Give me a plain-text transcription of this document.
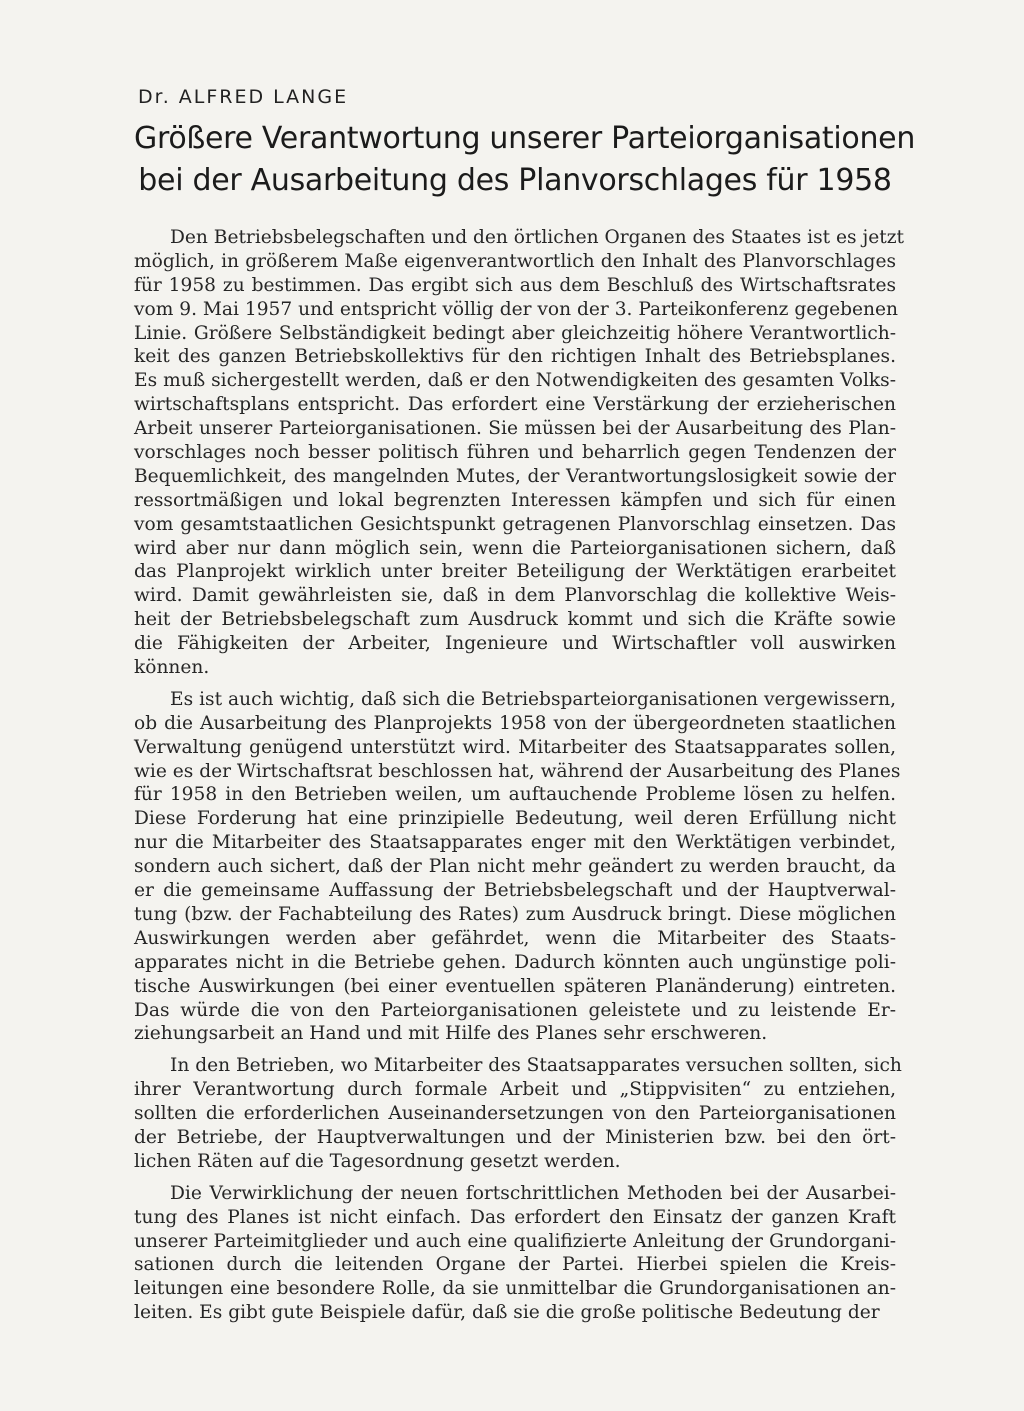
Dr. ALFRED LANGE
Größere Verantwortung unserer Parteiorganisationen
bei der Ausarbeitung des Planvorschlages für 1958
Den Betriebsbelegschaften und den örtlichen Organen des Staates ist es jetzt
möglich, in größerem Maße eigenverantwortlich den Inhalt des Planvorschlages
für 1958 zu bestimmen. Das ergibt sich aus dem Beschluß des Wirtschaftsrates
vom 9. Mai 1957 und entspricht völlig der von der 3. Parteikonferenz gegebenen
Linie. Größere Selbständigkeit bedingt aber gleichzeitig höhere Verantwortlich-
keit des ganzen Betriebskollektivs für den richtigen Inhalt des Betriebsplanes.
Es muß sichergestellt werden, daß er den Notwendigkeiten des gesamten Volks-
wirtschaftsplans entspricht. Das erfordert eine Verstärkung der erzieherischen
Arbeit unserer Parteiorganisationen. Sie müssen bei der Ausarbeitung des Plan-
vorschlages noch besser politisch führen und beharrlich gegen Tendenzen der
Bequemlichkeit, des mangelnden Mutes, der Verantwortungslosigkeit sowie der
ressortmäßigen und lokal begrenzten Interessen kämpfen und sich für einen
vom gesamtstaatlichen Gesichtspunkt getragenen Planvorschlag einsetzen. Das
wird aber nur dann möglich sein, wenn die Parteiorganisationen sichern, daß
das Planprojekt wirklich unter breiter Beteiligung der Werktätigen erarbeitet
wird. Damit gewährleisten sie, daß in dem Planvorschlag die kollektive Weis-
heit der Betriebsbelegschaft zum Ausdruck kommt und sich die Kräfte sowie
die Fähigkeiten der Arbeiter, Ingenieure und Wirtschaftler voll auswirken
können.
Es ist auch wichtig, daß sich die Betriebsparteiorganisationen vergewissern,
ob die Ausarbeitung des Planprojekts 1958 von der übergeordneten staatlichen
Verwaltung genügend unterstützt wird. Mitarbeiter des Staatsapparates sollen,
wie es der Wirtschaftsrat beschlossen hat, während der Ausarbeitung des Planes
für 1958 in den Betrieben weilen, um auftauchende Probleme lösen zu helfen.
Diese Forderung hat eine prinzipielle Bedeutung, weil deren Erfüllung nicht
nur die Mitarbeiter des Staatsapparates enger mit den Werktätigen verbindet,
sondern auch sichert, daß der Plan nicht mehr geändert zu werden braucht, da
er die gemeinsame Auffassung der Betriebsbelegschaft und der Hauptverwal-
tung (bzw. der Fachabteilung des Rates) zum Ausdruck bringt. Diese möglichen
Auswirkungen werden aber gefährdet, wenn die Mitarbeiter des Staats-
apparates nicht in die Betriebe gehen. Dadurch könnten auch ungünstige poli-
tische Auswirkungen (bei einer eventuellen späteren Planänderung) eintreten.
Das würde die von den Parteiorganisationen geleistete und zu leistende Er-
ziehungsarbeit an Hand und mit Hilfe des Planes sehr erschweren.
In den Betrieben, wo Mitarbeiter des Staatsapparates versuchen sollten, sich
ihrer Verantwortung durch formale Arbeit und „Stippvisiten“ zu entziehen,
sollten die erforderlichen Auseinandersetzungen von den Parteiorganisationen
der Betriebe, der Hauptverwaltungen und der Ministerien bzw. bei den ört-
lichen Räten auf die Tagesordnung gesetzt werden.
Die Verwirklichung der neuen fortschrittlichen Methoden bei der Ausarbei-
tung des Planes ist nicht einfach. Das erfordert den Einsatz der ganzen Kraft
unserer Parteimitglieder und auch eine qualifizierte Anleitung der Grundorgani-
sationen durch die leitenden Organe der Partei. Hierbei spielen die Kreis-
leitungen eine besondere Rolle, da sie unmittelbar die Grundorganisationen an-
leiten. Es gibt gute Beispiele dafür, daß sie die große politische Bedeutung der
